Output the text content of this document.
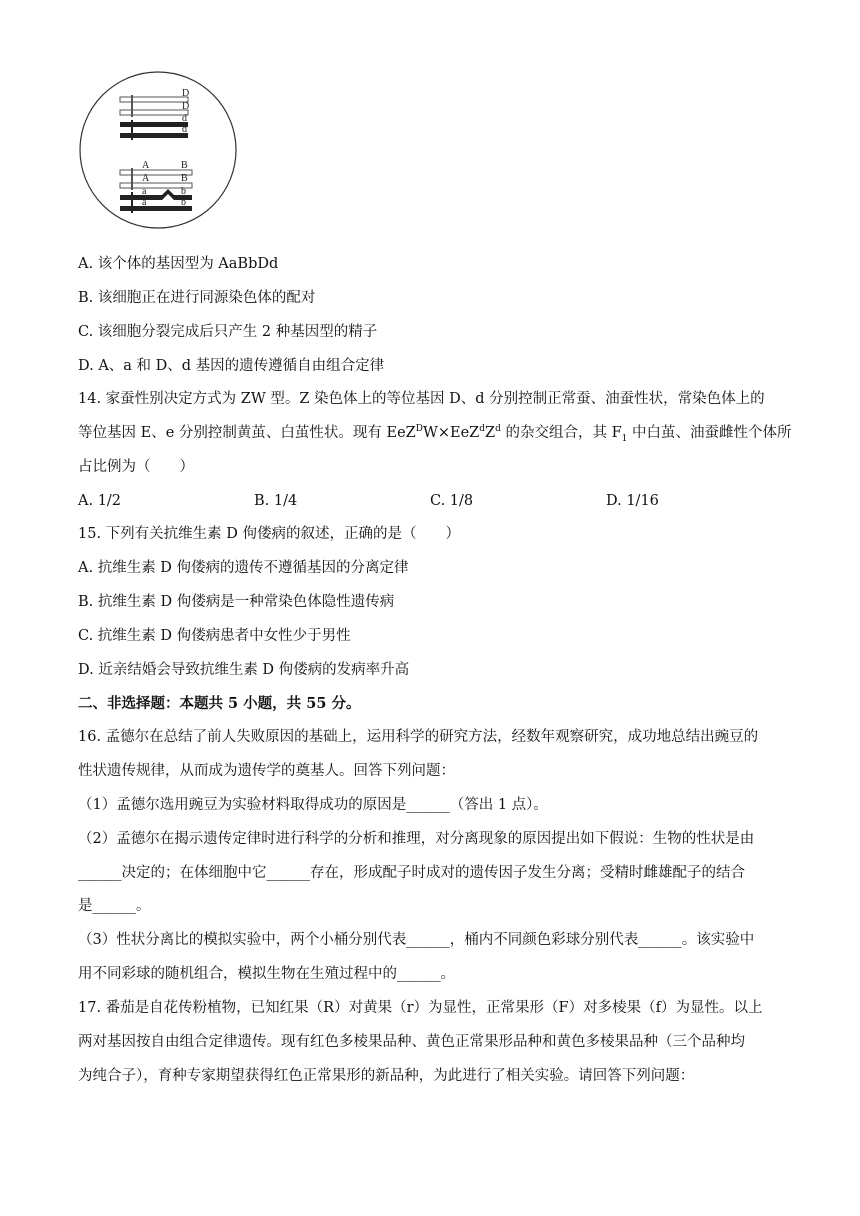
D
D
d
d
A
A
a
a
B
B
b
b
A. 该个体的基因型为 AaBbDd
B. 该细胞正在进行同源染色体的配对
C. 该细胞分裂完成后只产生 2 种基因型的精子
D. A、a 和 D、d 基因的遗传遵循自由组合定律
14. 家蚕性别决定方式为 ZW 型。Z 染色体上的等位基因 D、d 分别控制正常蚕、油蚕性状，常染色体上的
等位基因 E、e 分别控制黄茧、白茧性状。现有 $EeZ^DW\times EeZ^dZ^d$ 的杂交组合，其 $F_1$ 中白茧、油蚕雌性个体所
占比例为（　　）
A. 1/2	B. 1/4	C. 1/8	D. 1/16
15. 下列有关抗维生素 D 佝偻病的叙述，正确的是（　　）
A. 抗维生素 D 佝偻病的遗传不遵循基因的分离定律
B. 抗维生素 D 佝偻病是一种常染色体隐性遗传病
C. 抗维生素 D 佝偻病患者中女性少于男性
D. 近亲结婚会导致抗维生素 D 佝偻病的发病率升高
二、非选择题：本题共 5 小题，共 55 分。
16. 孟德尔在总结了前人失败原因的基础上，运用科学的研究方法，经数年观察研究，成功地总结出豌豆的
性状遗传规律，从而成为遗传学的奠基人。回答下列问题：
（1）孟德尔选用豌豆为实验材料取得成功的原因是______（答出 1 点）。
（2）孟德尔在揭示遗传定律时进行科学的分析和推理，对分离现象的原因提出如下假说：生物的性状是由
______决定的；在体细胞中它______存在，形成配子时成对的遗传因子发生分离；受精时雌雄配子的结合
是______。
（3）性状分离比的模拟实验中，两个小桶分别代表______，桶内不同颜色彩球分别代表______。该实验中
用不同彩球的随机组合，模拟生物在生殖过程中的______。
17. 番茄是自花传粉植物，已知红果（R）对黄果（r）为显性，正常果形（F）对多棱果（f）为显性。以上
两对基因按自由组合定律遗传。现有红色多棱果品种、黄色正常果形品种和黄色多棱果品种（三个品种均
为纯合子），育种专家期望获得红色正常果形的新品种，为此进行了相关实验。请回答下列问题：
